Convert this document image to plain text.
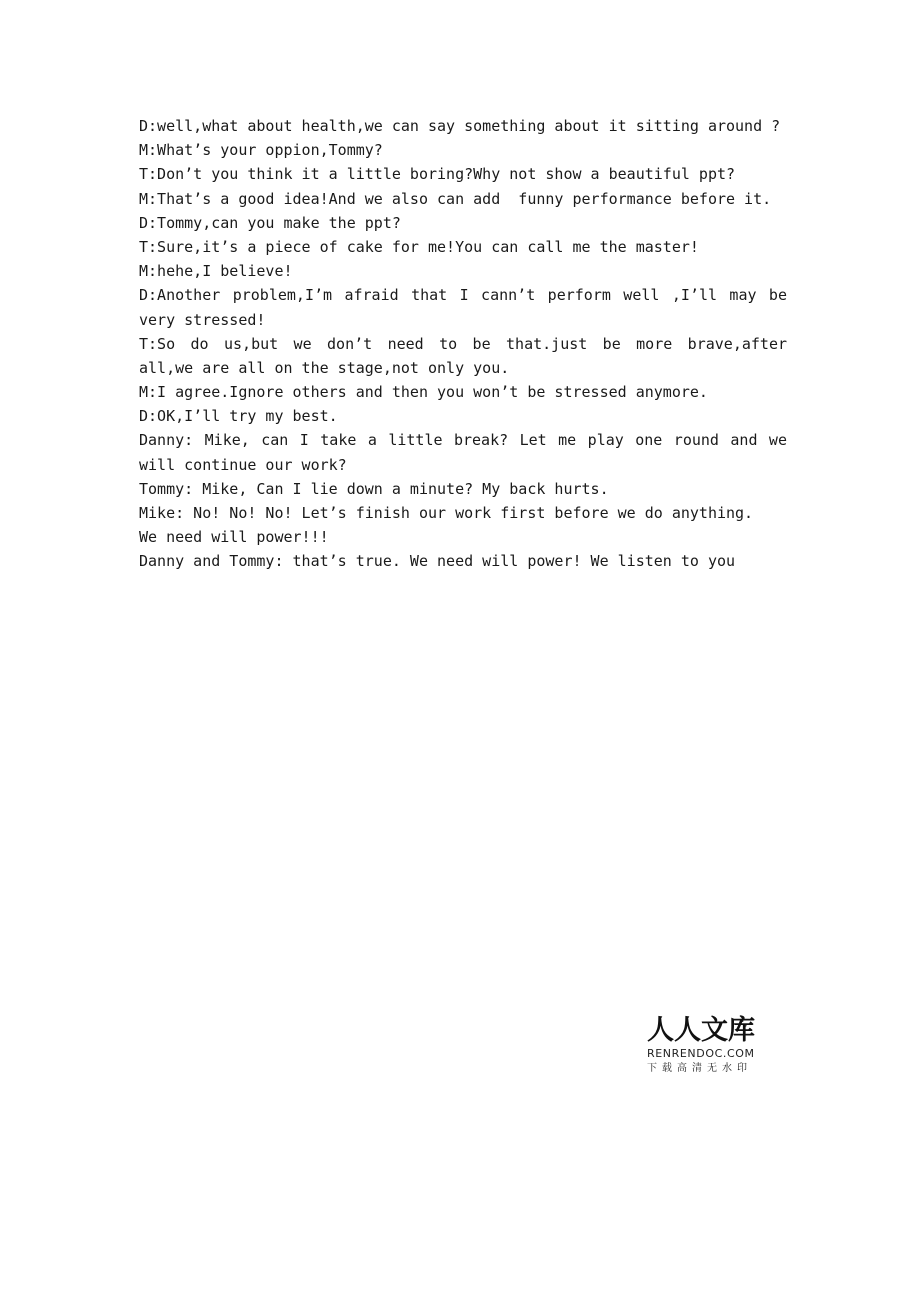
D:well,what about health,we can say something about it sitting around ?
M:What’s your oppion,Tommy?
T:Don’t you think it a little boring?Why not show a beautiful ppt?
M:That’s a good idea!And we also can add  funny performance before it.
D:Tommy,can you make the ppt?
T:Sure,it’s a piece of cake for me!You can call me the master!
M:hehe,I believe!
D:Another problem,I’m afraid that I cann’t perform well ,I’ll may be
very stressed!
T:So do us,but we don’t need to be that.just be more brave,after
all,we are all on the stage,not only you.
M:I agree.Ignore others and then you won’t be stressed anymore.
D:OK,I’ll try my best.
Danny: Mike, can I take a little break? Let me play one round and we
will continue our work?
Tommy: Mike, Can I lie down a minute? My back hurts.
Mike: No! No! No! Let’s finish our work first before we do anything.
We need will power!!!
Danny and Tommy: that’s true. We need will power! We listen to you
人人文库
RENRENDOC.COM
下载高清无水印
